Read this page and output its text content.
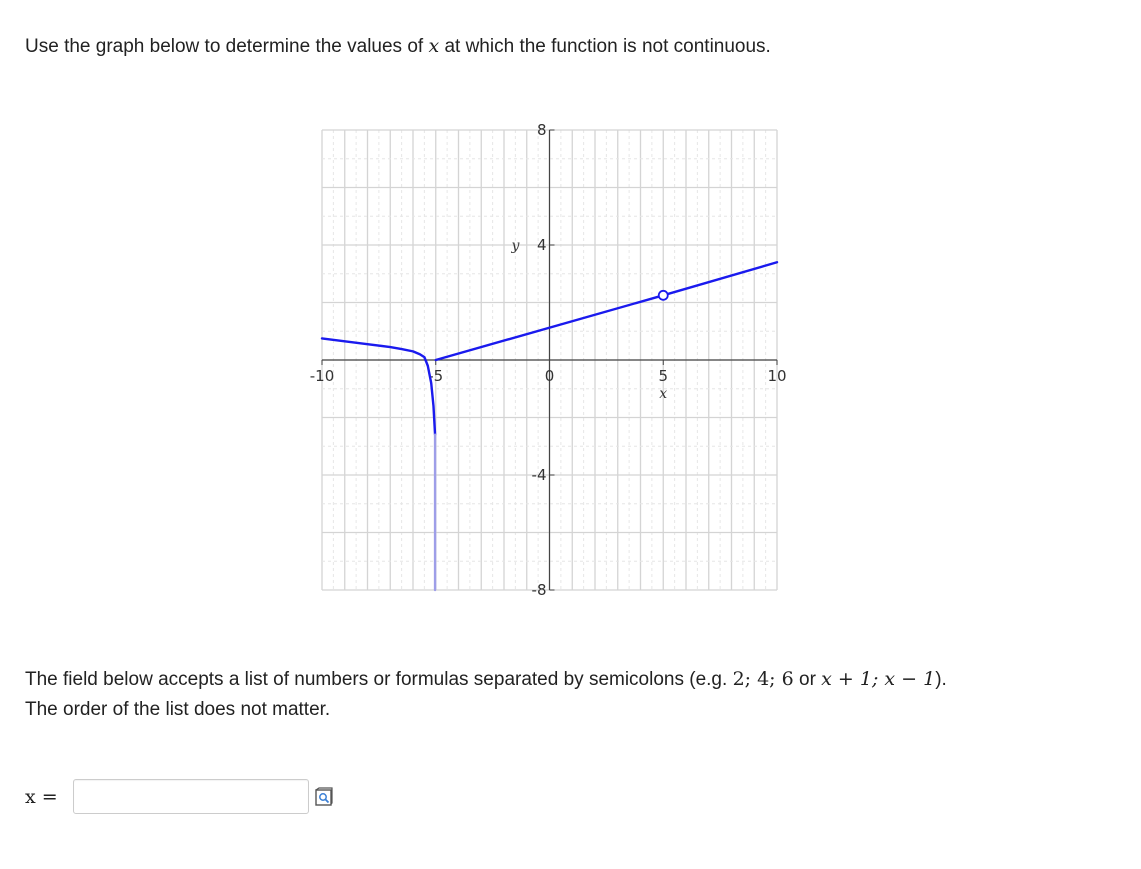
Use the graph below to determine the values of x at which the function is not continuous.
-10	-5	0	5	10
8
4
-4
-8
x
y
The field below accepts a list of numbers or formulas separated by semicolons (e.g. 2; 4; 6 or x + 1; x − 1).
The order of the list does not matter.
x =
